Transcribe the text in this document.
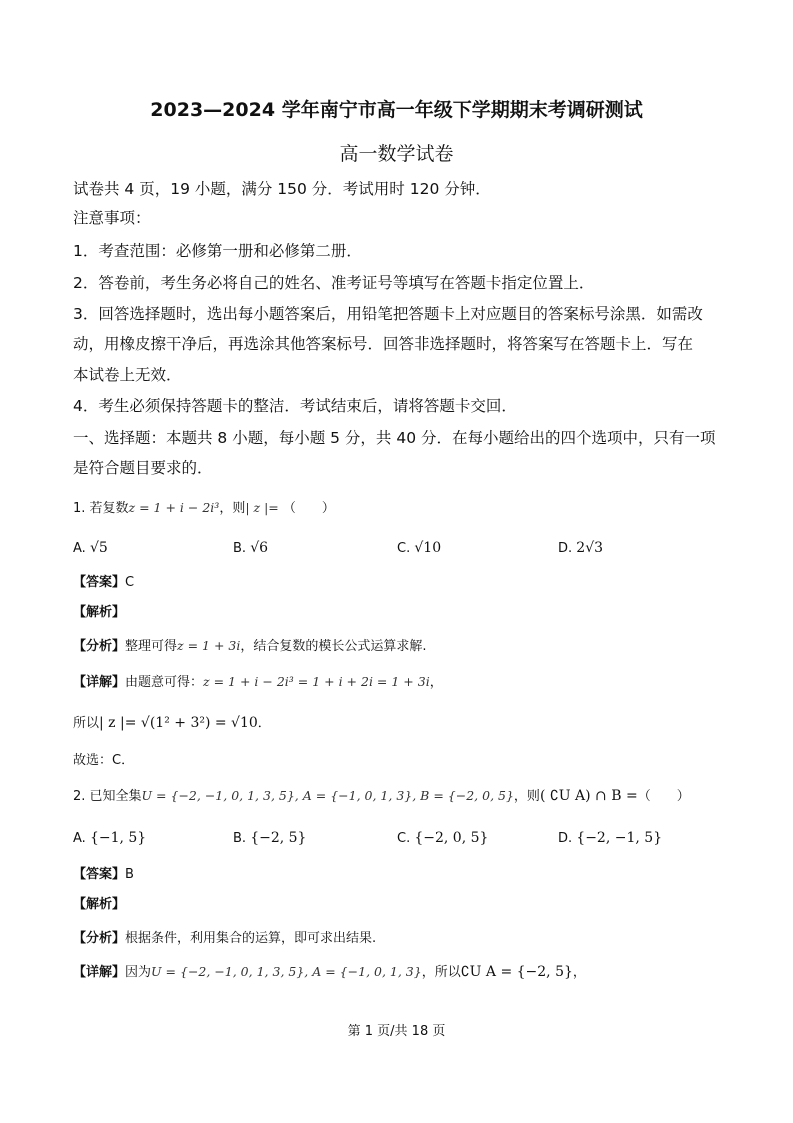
2023—2024 学年南宁市高一年级下学期期末考调研测试
高一数学试卷
试卷共 4 页，19 小题，满分 150 分．考试用时 120 分钟．
注意事项：
1．考查范围：必修第一册和必修第二册．
2．答卷前，考生务必将自己的姓名、准考证号等填写在答题卡指定位置上．
3．回答选择题时，选出每小题答案后，用铅笔把答题卡上对应题目的答案标号涂黑．如需改
动，用橡皮擦干净后，再选涂其他答案标号．回答非选择题时，将答案写在答题卡上．写在
本试卷上无效．
4．考生必须保持答题卡的整洁．考试结束后，请将答题卡交回．
一、选择题：本题共 8 小题，每小题 5 分，共 40 分．在每小题给出的四个选项中，只有一项
是符合题目要求的．
1. 若复数z = 1 + i − 2i³，则| z |= （　　）
A. √5	B. √6	C. √10	D. 2√3
【答案】C
【解析】
【分析】整理可得z = 1 + 3i，结合复数的模长公式运算求解.
【详解】由题意可得：z = 1 + i − 2i³ = 1 + i + 2i = 1 + 3i，
所以| z |= √(1² + 3²) = √10．
故选：C．
2. 已知全集U = {−2, −1, 0, 1, 3, 5}, A = {−1, 0, 1, 3}, B = {−2, 0, 5}，则( ∁U A) ∩ B =（　　）
A. {−1, 5}	B. {−2, 5}	C. {−2, 0, 5}	D. {−2, −1, 5}
【答案】B
【解析】
【分析】根据条件，利用集合的运算，即可求出结果.
【详解】因为U = {−2, −1, 0, 1, 3, 5}, A = {−1, 0, 1, 3}，所以∁U A = {−2, 5}，
第 1 页/共 18 页
